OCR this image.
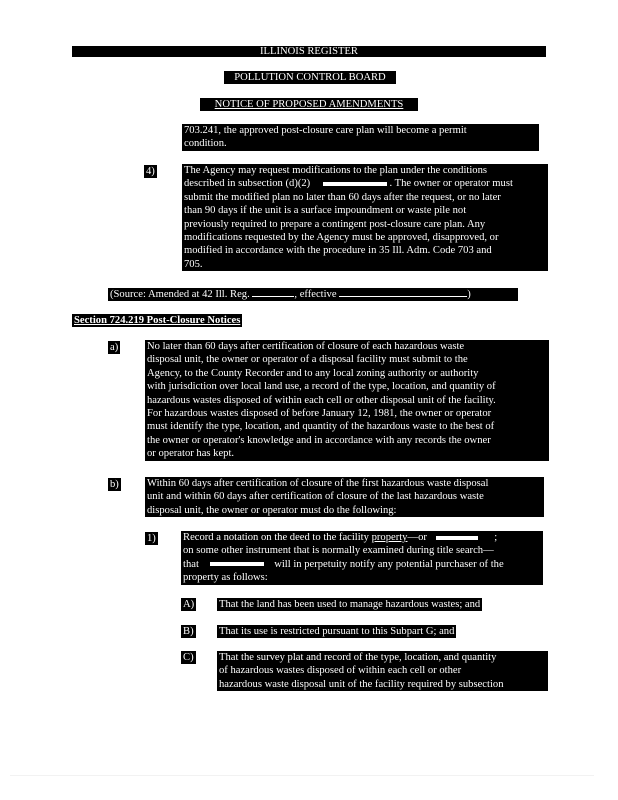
ILLINOIS REGISTER
POLLUTION CONTROL BOARD
NOTICE OF PROPOSED AMENDMENTS
703.241, the approved post-closure care plan will become a permit
condition.
4)	The Agency may request modifications to the plan under the conditions
described in subsection (d)(2)	. The owner or operator must
submit the modified plan no later than 60 days after the request, or no later
than 90 days if the unit is a surface impoundment or waste pile not
previously required to prepare a contingent post-closure care plan. Any
modifications requested by the Agency must be approved, disapproved, or
modified in accordance with the procedure in 35 Ill. Adm. Code 703 and
705.
(Source: Amended at 42 Ill. Reg.	, effective	)
Section 724.219 Post-Closure Notices
a)	No later than 60 days after certification of closure of each hazardous waste
disposal unit, the owner or operator of a disposal facility must submit to the
Agency, to the County Recorder and to any local zoning authority or authority
with jurisdiction over local land use, a record of the type, location, and quantity of
hazardous wastes disposed of within each cell or other disposal unit of the facility.
For hazardous wastes disposed of before January 12, 1981, the owner or operator
must identify the type, location, and quantity of the hazardous waste to the best of
the owner or operator's knowledge and in accordance with any records the owner
or operator has kept.
b)	Within 60 days after certification of closure of the first hazardous waste disposal
unit and within 60 days after certification of closure of the last hazardous waste
disposal unit, the owner or operator must do the following:
1)	Record a notation on the deed to the facility property—or	;
on some other instrument that is normally examined during title search—
that	will in perpetuity notify any potential purchaser of the
property as follows:
A) That the land has been used to manage hazardous wastes; and
B) That its use is restricted pursuant to this Subpart G; and
C) That the survey plat and record of the type, location, and quantity
of hazardous wastes disposed of within each cell or other
hazardous waste disposal unit of the facility required by subsection
